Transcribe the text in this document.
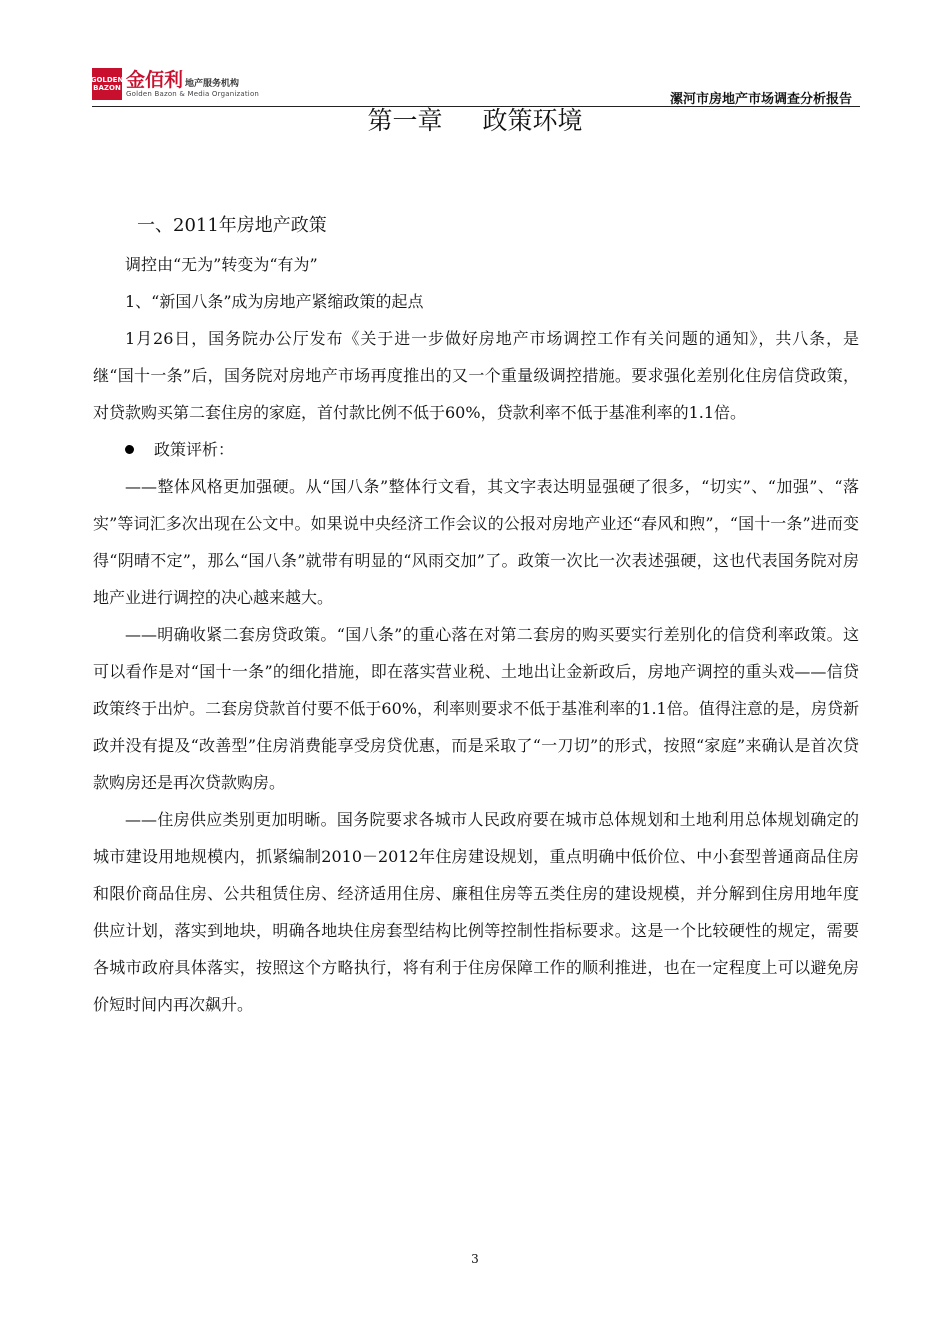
GOLDEN
BAZON 金佰利 地产服务机构
Golden Bazon & Media Organization	漯河市房地产市场调查分析报告
第一章 政策环境
一、2011年房地产政策

调控由“无为”转变为“有为”

1、“新国八条”成为房地产紧缩政策的起点

1月26日，国务院办公厅发布《关于进一步做好房地产市场调控工作有关问题的通知》，共八条，是继“国十一条”后，国务院对房地产市场再度推出的又一个重量级调控措施。要求强化差别化住房信贷政策，对贷款购买第二套住房的家庭，首付款比例不低于60%，贷款利率不低于基准利率的1.1倍。

政策评析：

——整体风格更加强硬。从“国八条”整体行文看，其文字表达明显强硬了很多，“切实”、“加强”、“落实”等词汇多次出现在公文中。如果说中央经济工作会议的公报对房地产业还“春风和煦”，“国十一条”进而变得“阴晴不定”，那么“国八条”就带有明显的“风雨交加”了。政策一次比一次表述强硬，这也代表国务院对房地产业进行调控的决心越来越大。

——明确收紧二套房贷政策。“国八条”的重心落在对第二套房的购买要实行差别化的信贷利率政策。这可以看作是对“国十一条”的细化措施，即在落实营业税、土地出让金新政后，房地产调控的重头戏——信贷政策终于出炉。二套房贷款首付要不低于60%，利率则要求不低于基准利率的1.1倍。值得注意的是，房贷新政并没有提及“改善型”住房消费能享受房贷优惠，而是采取了“一刀切”的形式，按照“家庭”来确认是首次贷款购房还是再次贷款购房。

——住房供应类别更加明晰。国务院要求各城市人民政府要在城市总体规划和土地利用总体规划确定的城市建设用地规模内，抓紧编制2010－2012年住房建设规划，重点明确中低价位、中小套型普通商品住房和限价商品住房、公共租赁住房、经济适用住房、廉租住房等五类住房的建设规模，并分解到住房用地年度供应计划，落实到地块，明确各地块住房套型结构比例等控制性指标要求。这是一个比较硬性的规定，需要各城市政府具体落实，按照这个方略执行，将有利于住房保障工作的顺利推进，也在一定程度上可以避免房价短时间内再次飙升。

3
